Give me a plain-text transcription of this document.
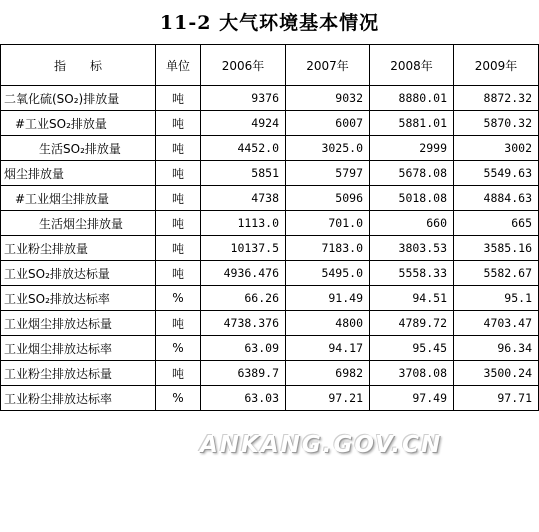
11-2 大气环境基本情况
指　　标	单位	2006年	2007年	2008年	2009年
二氧化硫(SO₂)排放量	吨	9376	9032	8880.01	8872.32
#工业SO₂排放量	吨	4924	6007	5881.01	5870.32
生活SO₂排放量	吨	4452.0	3025.0	2999	3002
烟尘排放量	吨	5851	5797	5678.08	5549.63
#工业烟尘排放量	吨	4738	5096	5018.08	4884.63
生活烟尘排放量	吨	1113.0	701.0	660	665
工业粉尘排放量	吨	10137.5	7183.0	3803.53	3585.16
工业SO₂排放达标量	吨	4936.476	5495.0	5558.33	5582.67
工业SO₂排放达标率	%	66.26	91.49	94.51	95.1
工业烟尘排放达标量	吨	4738.376	4800	4789.72	4703.47
工业烟尘排放达标率	%	63.09	94.17	95.45	96.34
工业粉尘排放达标量	吨	6389.7	6982	3708.08	3500.24
工业粉尘排放达标率	%	63.03	97.21	97.49	97.71
ANKANG.GOV.CN
